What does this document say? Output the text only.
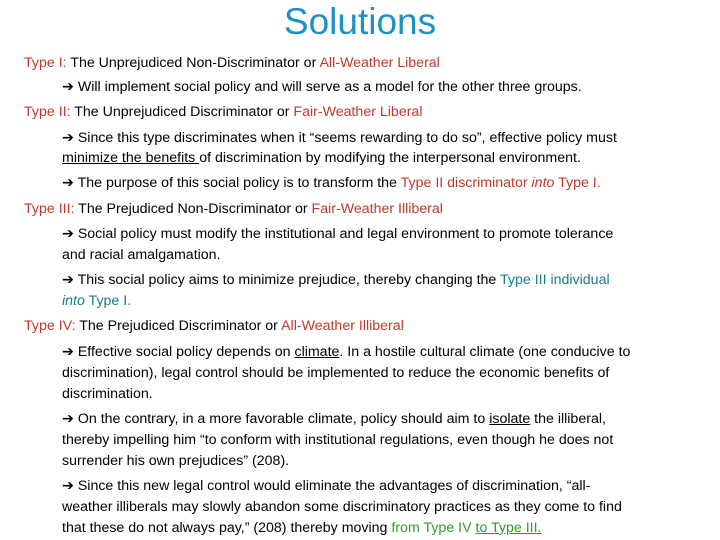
Solutions
Type I: The Unprejudiced Non-Discriminator or All-Weather Liberal
➔ Will implement social policy and will serve as a model for the other three groups.
Type II: The Unprejudiced Discriminator or Fair-Weather Liberal
➔ Since this type discriminates when it “seems rewarding to do so”, effective policy must
minimize the benefits of discrimination by modifying the interpersonal environment.
➔ The purpose of this social policy is to transform the Type II discriminator into Type I.
Type III: The Prejudiced Non-Discriminator or Fair-Weather Illiberal
➔ Social policy must modify the institutional and legal environment to promote tolerance
and racial amalgamation.
➔ This social policy aims to minimize prejudice, thereby changing the Type III individual
into Type I.
Type IV: The Prejudiced Discriminator or All-Weather Illiberal
➔ Effective social policy depends on climate. In a hostile cultural climate (one conducive to
discrimination), legal control should be implemented to reduce the economic benefits of
discrimination.
➔ On the contrary, in a more favorable climate, policy should aim to isolate the illiberal,
thereby impelling him “to conform with institutional regulations, even though he does not
surrender his own prejudices” (208).
➔ Since this new legal control would eliminate the advantages of discrimination, “all-
weather illiberals may slowly abandon some discriminatory practices as they come to find
that these do not always pay,” (208) thereby moving from Type IV to Type III.
